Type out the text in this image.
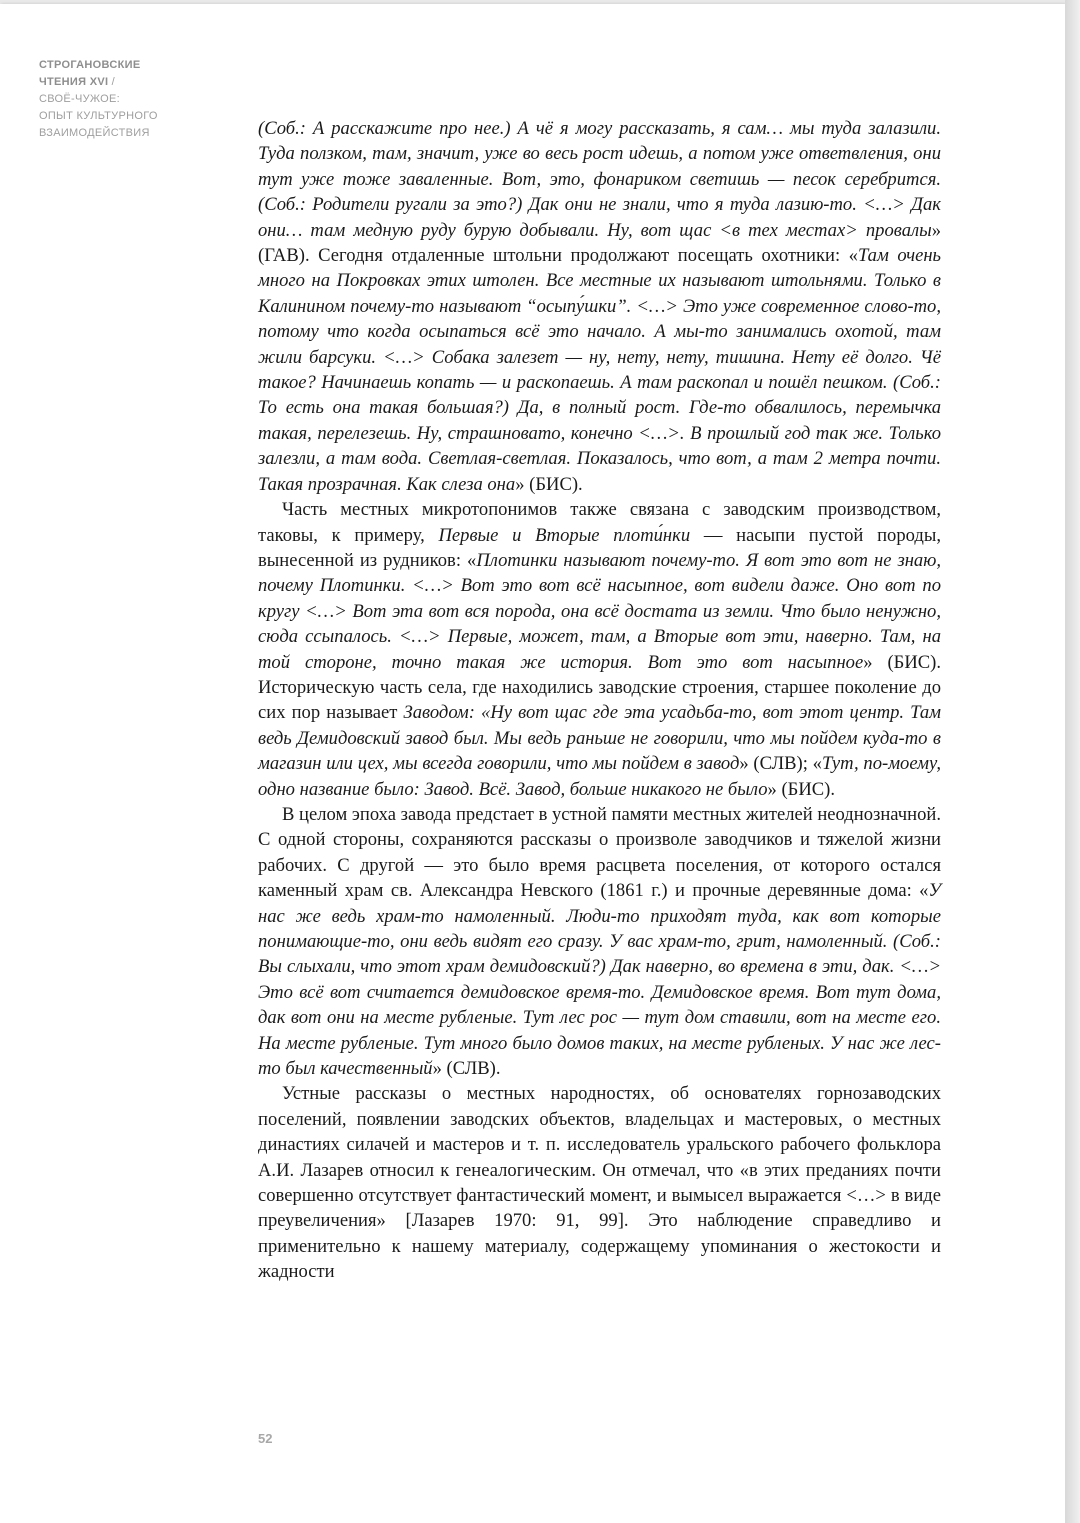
СТРОГАНОВСКИЕ
ЧТЕНИЯ XVI /
СВОЁ-ЧУЖОЕ:
ОПЫТ КУЛЬТУРНОГО
ВЗАИМОДЕЙСТВИЯ	(Соб.: А расскажите про нее.) А чё я могу рассказать, я сам… мы туда залазили. Туда ползком, там, значит, уже во весь рост идешь, а потом уже ответвления, они тут уже тоже заваленные. Вот, это, фонариком светишь — песок серебрится. (Соб.: Родители ругали за это?) Дак они не знали, что я туда лазию-то. <…> Дак они… там медную руду бурую добывали. Ну, вот щас <в тех местах> провалы» (ГАВ). Сегодня отдаленные штольни продолжают посещать охотники: «Там очень много на Покровках этих штолен. Все местные их называют штольнями. Только в Калинином почему-то называют “осыпу́шки”. <…> Это уже современное слово-то, потому что когда осыпаться всё это начало. А мы-то занимались охотой, там жили барсуки. <…> Собака залезет — ну, нету, нету, тишина. Нету её долго. Чё такое? Начинаешь копать — и раскопаешь. А там раскопал и пошёл пешком. (Соб.: То есть она такая большая?) Да, в полный рост. Где-то обвалилось, перемычка такая, перелезешь. Ну, страшновато, конечно <…>. В прошлый год так же. Только залезли, а там вода. Светлая-светлая. Показалось, что вот, а там 2 метра почти. Такая прозрачная. Как слеза она» (БИС).

Часть местных микротопонимов также связана с заводским производством, таковы, к примеру, Первые и Вторые плоти́нки — насыпи пустой породы, вынесенной из рудников: «Плотинки называют почему-то. Я вот это вот не знаю, почему Плотинки. <…> Вот это вот всё насыпное, вот видели даже. Оно вот по кругу <…> Вот эта вот вся порода, она всё достата из земли. Что было ненужно, сюда ссыпалось. <…> Первые, может, там, а Вторые вот эти, наверно. Там, на той стороне, точно такая же история. Вот это вот насыпное» (БИС). Историческую часть села, где находились заводские строения, старшее поколение до сих пор называет Заводом: «Ну вот щас где эта усадьба-то, вот этот центр. Там ведь Демидовский завод был. Мы ведь раньше не говорили, что мы пойдем куда-то в магазин или цех, мы всегда говорили, что мы пойдем в завод» (СЛВ); «Тут, по-моему, одно название было: Завод. Всё. Завод, больше никакого не было» (БИС).

В целом эпоха завода предстает в устной памяти местных жителей неоднозначной. С одной стороны, сохраняются рассказы о произволе заводчиков и тяжелой жизни рабочих. С другой — это было время расцвета поселения, от которого остался каменный храм св. Александра Невского (1861 г.) и прочные деревянные дома: «У нас же ведь храм-то намоленный. Люди-то приходят туда, как вот которые понимающие-то, они ведь видят его сразу. У вас храм-то, грит, намоленный. (Соб.: Вы слыхали, что этот храм демидовский?) Дак наверно, во времена в эти, дак. <…> Это всё вот считается демидовское время-то. Демидовское время. Вот тут дома, дак вот они на месте рубленые. Тут лес рос — тут дом ставили, вот на месте его. На месте рубленые. Тут много было домов таких, на месте рубленых. У нас же лес-то был качественный» (СЛВ).

Устные рассказы о местных народностях, об основателях горнозаводских поселений, появлении заводских объектов, владельцах и мастеровых, о местных династиях силачей и мастеров и т. п. исследователь уральского рабочего фольклора А.И. Лазарев относил к генеалогическим. Он отмечал, что «в этих преданиях почти совершенно отсутствует фантастический момент, и вымысел выражается <…> в виде преувеличения» [Лазарев 1970: 91, 99]. Это наблюдение справедливо и применительно к нашему материалу, содержащему упоминания о жестокости и жадности

52
